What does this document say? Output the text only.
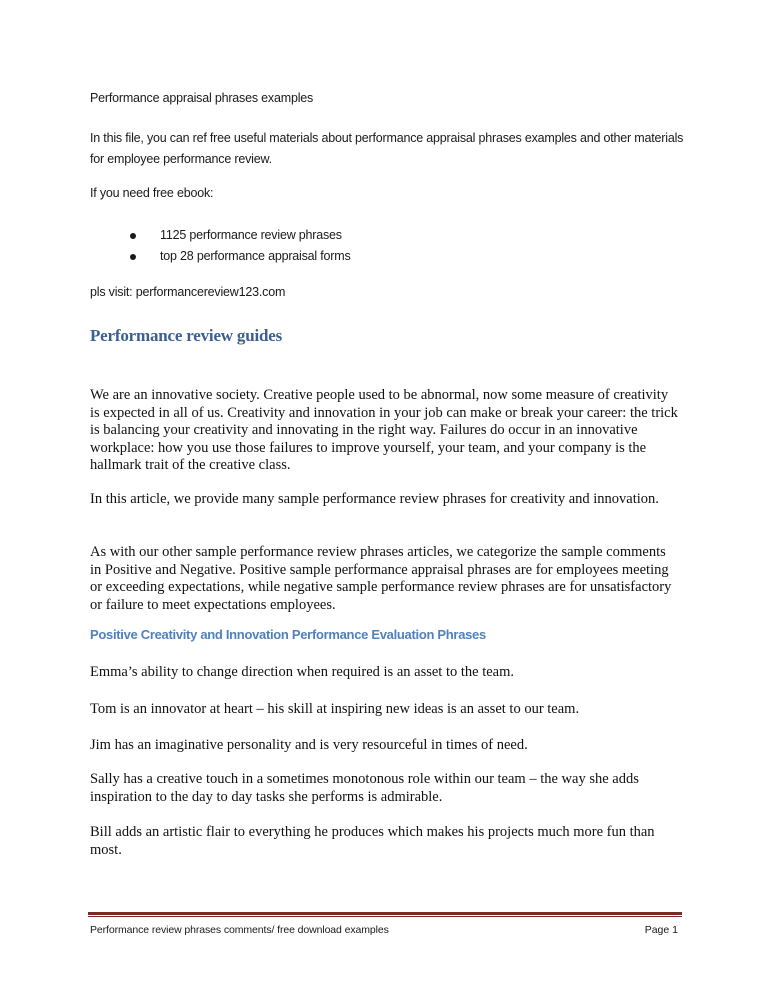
Performance appraisal phrases examples

In this file, you can ref free useful materials about performance appraisal phrases examples and other materials for employee performance review.

If you need free ebook:

1125 performance review phrases
top 28 performance appraisal forms

pls visit: performancereview123.com

Performance review guides

We are an innovative society. Creative people used to be abnormal, now some measure of creativity is expected in all of us. Creativity and innovation in your job can make or break your career: the trick is balancing your creativity and innovating in the right way. Failures do occur in an innovative workplace: how you use those failures to improve yourself, your team, and your company is the hallmark trait of the creative class.

In this article, we provide many sample performance review phrases for creativity and innovation.

As with our other sample performance review phrases articles, we categorize the sample comments in Positive and Negative. Positive sample performance appraisal phrases are for employees meeting or exceeding expectations, while negative sample performance review phrases are for unsatisfactory or failure to meet expectations employees.

Positive Creativity and Innovation Performance Evaluation Phrases

Emma’s ability to change direction when required is an asset to the team.

Tom is an innovator at heart – his skill at inspiring new ideas is an asset to our team.

Jim has an imaginative personality and is very resourceful in times of need.

Sally has a creative touch in a sometimes monotonous role within our team – the way she adds inspiration to the day to day tasks she performs is admirable.

Bill adds an artistic flair to everything he produces which makes his projects much more fun than most.

Performance review phrases comments/ free download examples	Page 1
